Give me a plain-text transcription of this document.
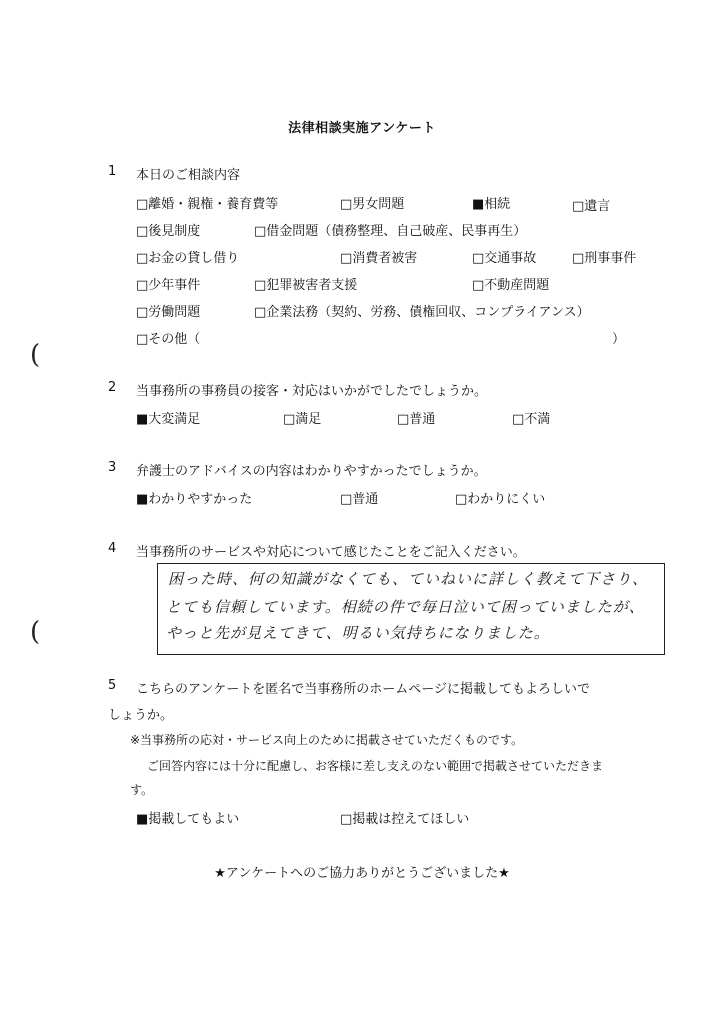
(
(
法律相談実施アンケート
1 本日のご相談内容
□離婚・親権・養育費等	□男女問題	■相続	□遺言
□後見制度	□借金問題（債務整理、自己破産、民事再生）
□お金の貸し借り	□消費者被害	□交通事故	□刑事事件
□少年事件	□犯罪被害者支援	□不動産問題
□労働問題	□企業法務（契約、労務、債権回収、コンプライアンス）
□その他（	）
2 当事務所の事務員の接客・対応はいかがでしたでしょうか。
■大変満足	□満足	□普通	□不満
3 弁護士のアドバイスの内容はわかりやすかったでしょうか。
■わかりやすかった	□普通	□わかりにくい
4 当事務所のサービスや対応について感じたことをご記入ください。
困った時、何の知識がなくても、ていねいに詳しく教えて下さり、
とても信頼しています。相続の件で毎日泣いて困っていましたが、
やっと先が見えてきて、明るい気持ちになりました。
5 こちらのアンケートを匿名で当事務所のホームページに掲載してもよろしいで
しょうか。
※当事務所の応対・サービス向上のために掲載させていただくものです。
ご回答内容には十分に配慮し、お客様に差し支えのない範囲で掲載させていただきま
す。
■掲載してもよい	□掲載は控えてほしい
★アンケートへのご協力ありがとうございました★
